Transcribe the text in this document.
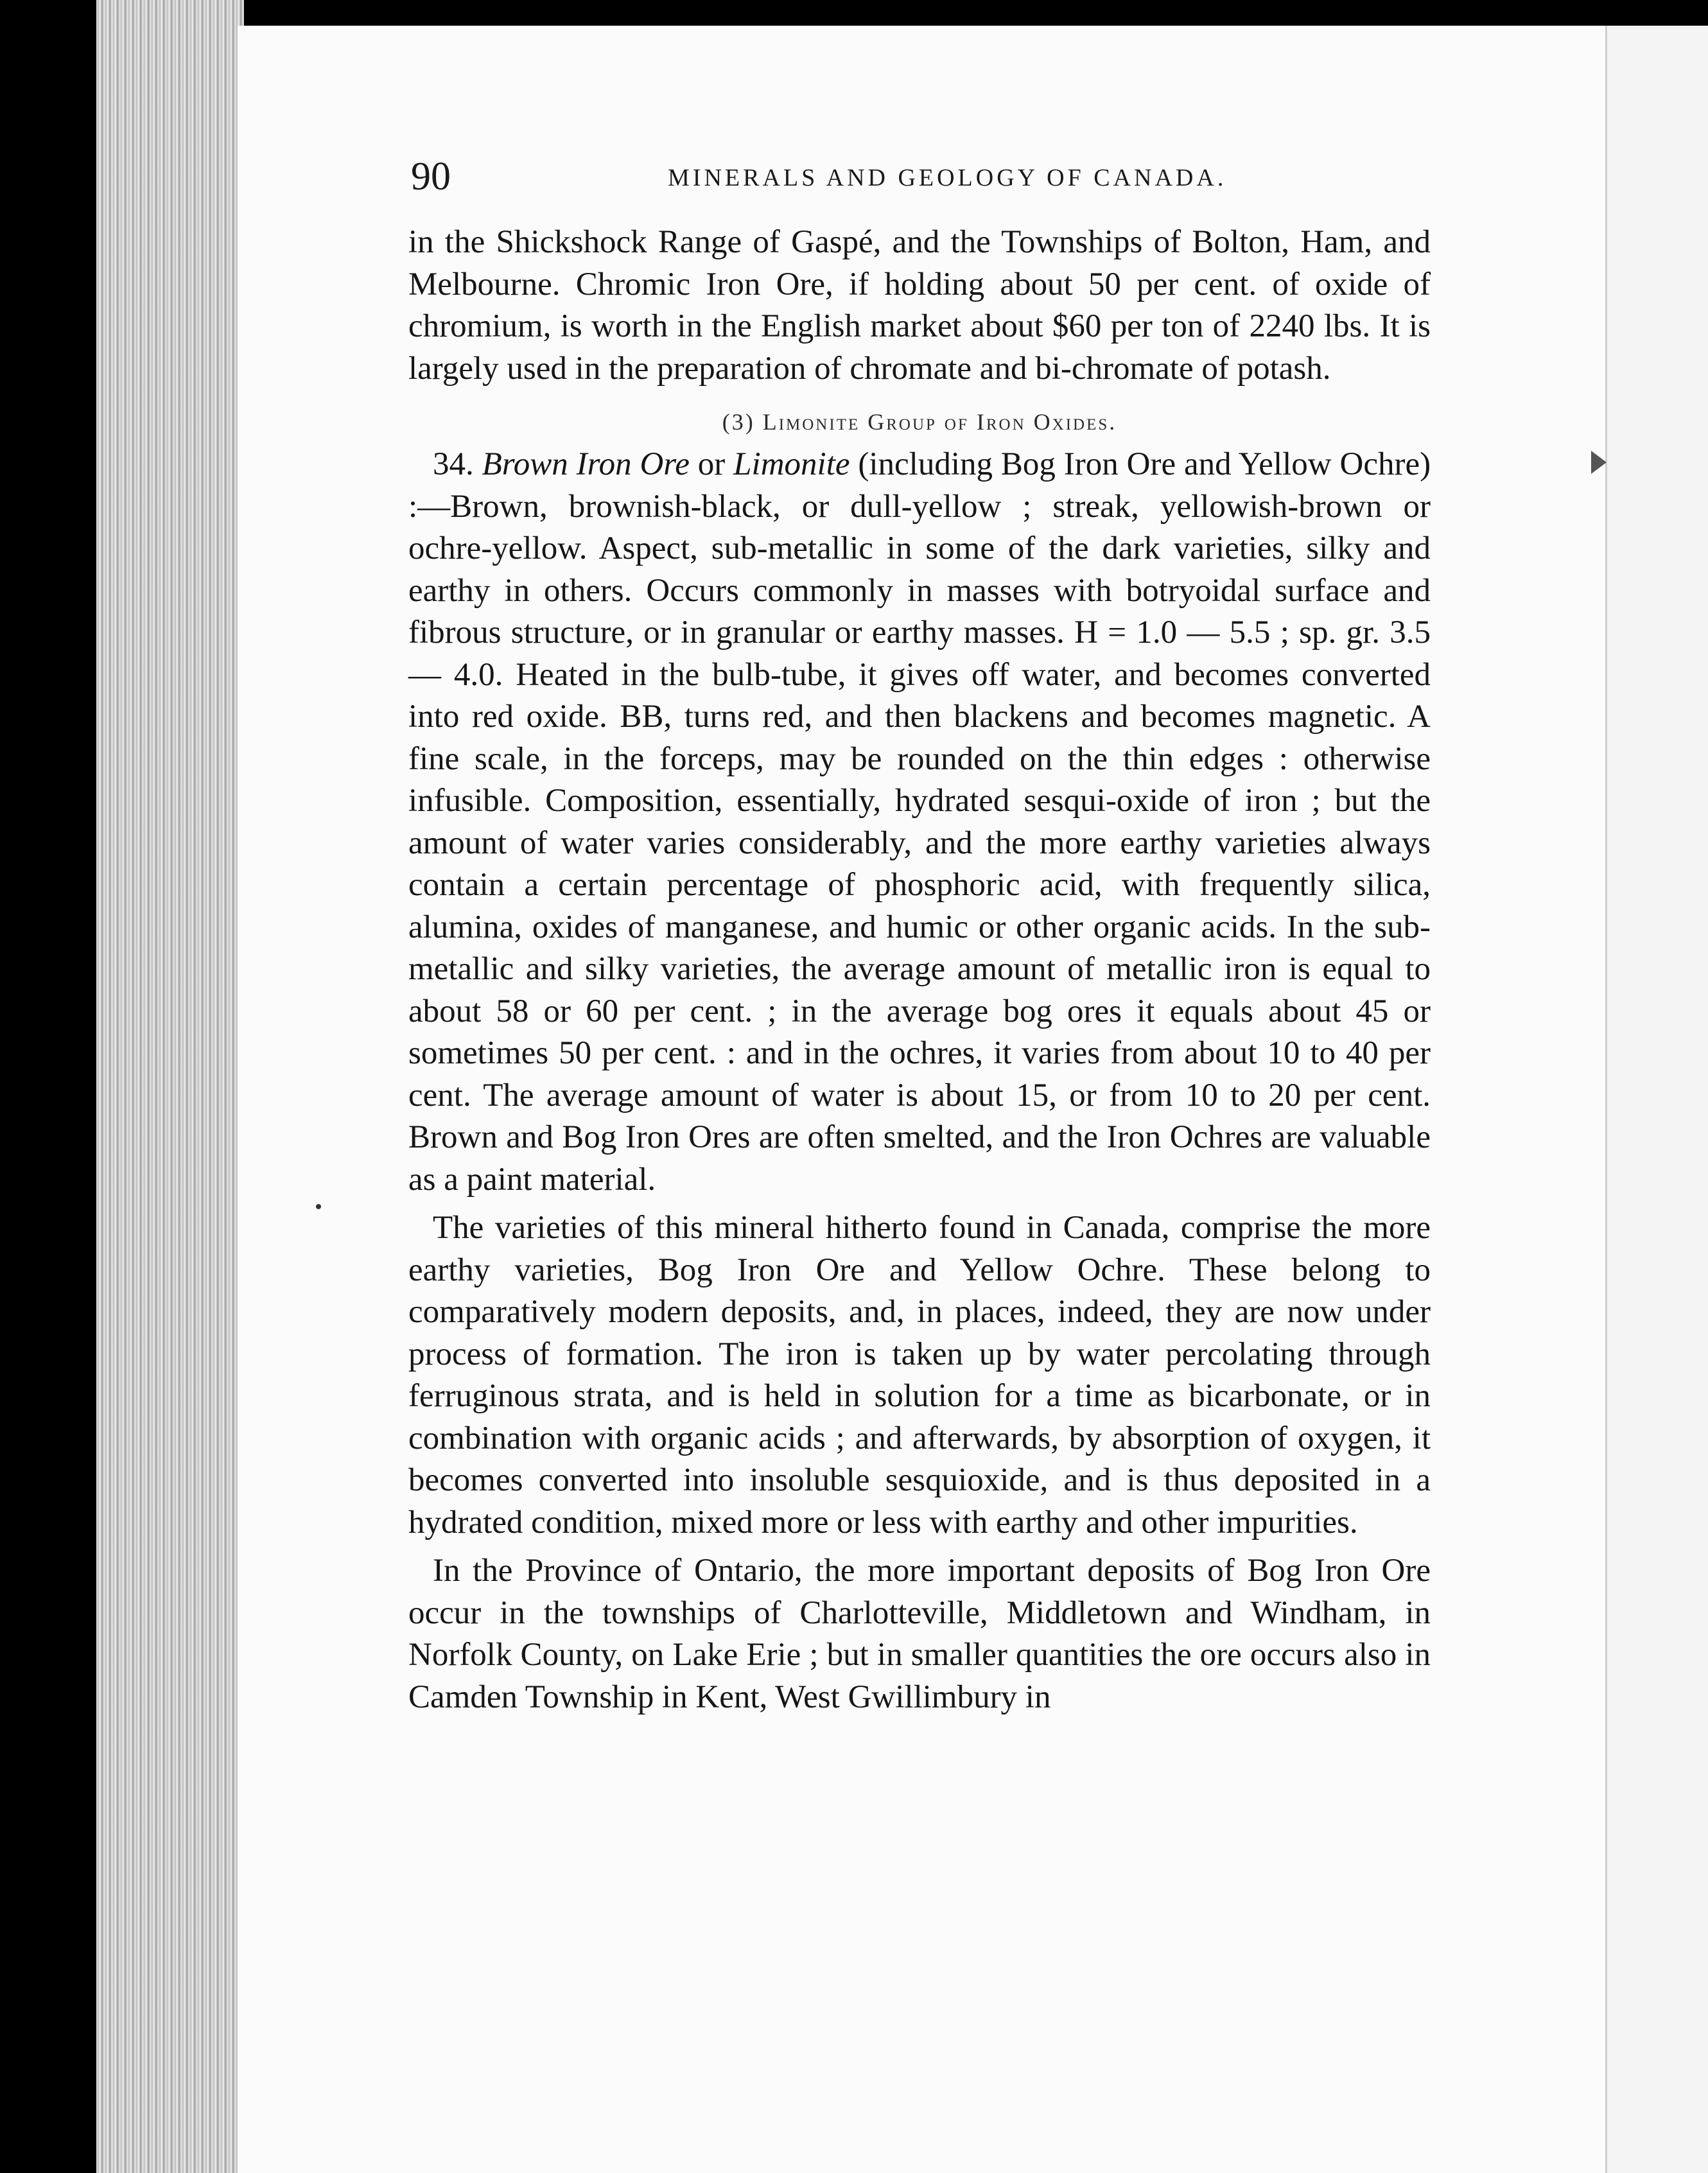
90	MINERALS AND GEOLOGY OF CANADA.

in the Shickshock Range of Gaspé, and the Townships of Bolton, Ham, and Melbourne. Chromic Iron Ore, if holding about 50 per cent. of oxide of chromium, is worth in the English market about $60 per ton of 2240 lbs. It is largely used in the preparation of chromate and bi-chromate of potash.

(3) Limonite Group of Iron Oxides.

34. Brown Iron Ore or Limonite (including Bog Iron Ore and Yellow Ochre) :—Brown, brownish-black, or dull-yellow ; streak, yellowish-brown or ochre-yellow. Aspect, sub-metallic in some of the dark varieties, silky and earthy in others. Occurs commonly in masses with botryoidal surface and fibrous structure, or in granular or earthy masses. H = 1.0 — 5.5 ; sp. gr. 3.5 — 4.0. Heated in the bulb-tube, it gives off water, and becomes converted into red oxide. BB, turns red, and then blackens and becomes magnetic. A fine scale, in the forceps, may be rounded on the thin edges : otherwise infusible. Composition, essentially, hydrated sesqui-oxide of iron ; but the amount of water varies considerably, and the more earthy varieties always contain a certain percentage of phosphoric acid, with frequently silica, alumina, oxides of manganese, and humic or other organic acids. In the sub-metallic and silky varieties, the average amount of metallic iron is equal to about 58 or 60 per cent. ; in the average bog ores it equals about 45 or sometimes 50 per cent. : and in the ochres, it varies from about 10 to 40 per cent. The average amount of water is about 15, or from 10 to 20 per cent. Brown and Bog Iron Ores are often smelted, and the Iron Ochres are valuable as a paint material.

The varieties of this mineral hitherto found in Canada, comprise the more earthy varieties, Bog Iron Ore and Yellow Ochre. These belong to comparatively modern deposits, and, in places, indeed, they are now under process of formation. The iron is taken up by water percolating through ferruginous strata, and is held in solution for a time as bicarbonate, or in combination with organic acids ; and afterwards, by absorption of oxygen, it becomes converted into insoluble sesquioxide, and is thus deposited in a hydrated condition, mixed more or less with earthy and other impurities.

In the Province of Ontario, the more important deposits of Bog Iron Ore occur in the townships of Charlotteville, Middletown and Windham, in Norfolk County, on Lake Erie ; but in smaller quantities the ore occurs also in Camden Township in Kent, West Gwillimbury in
